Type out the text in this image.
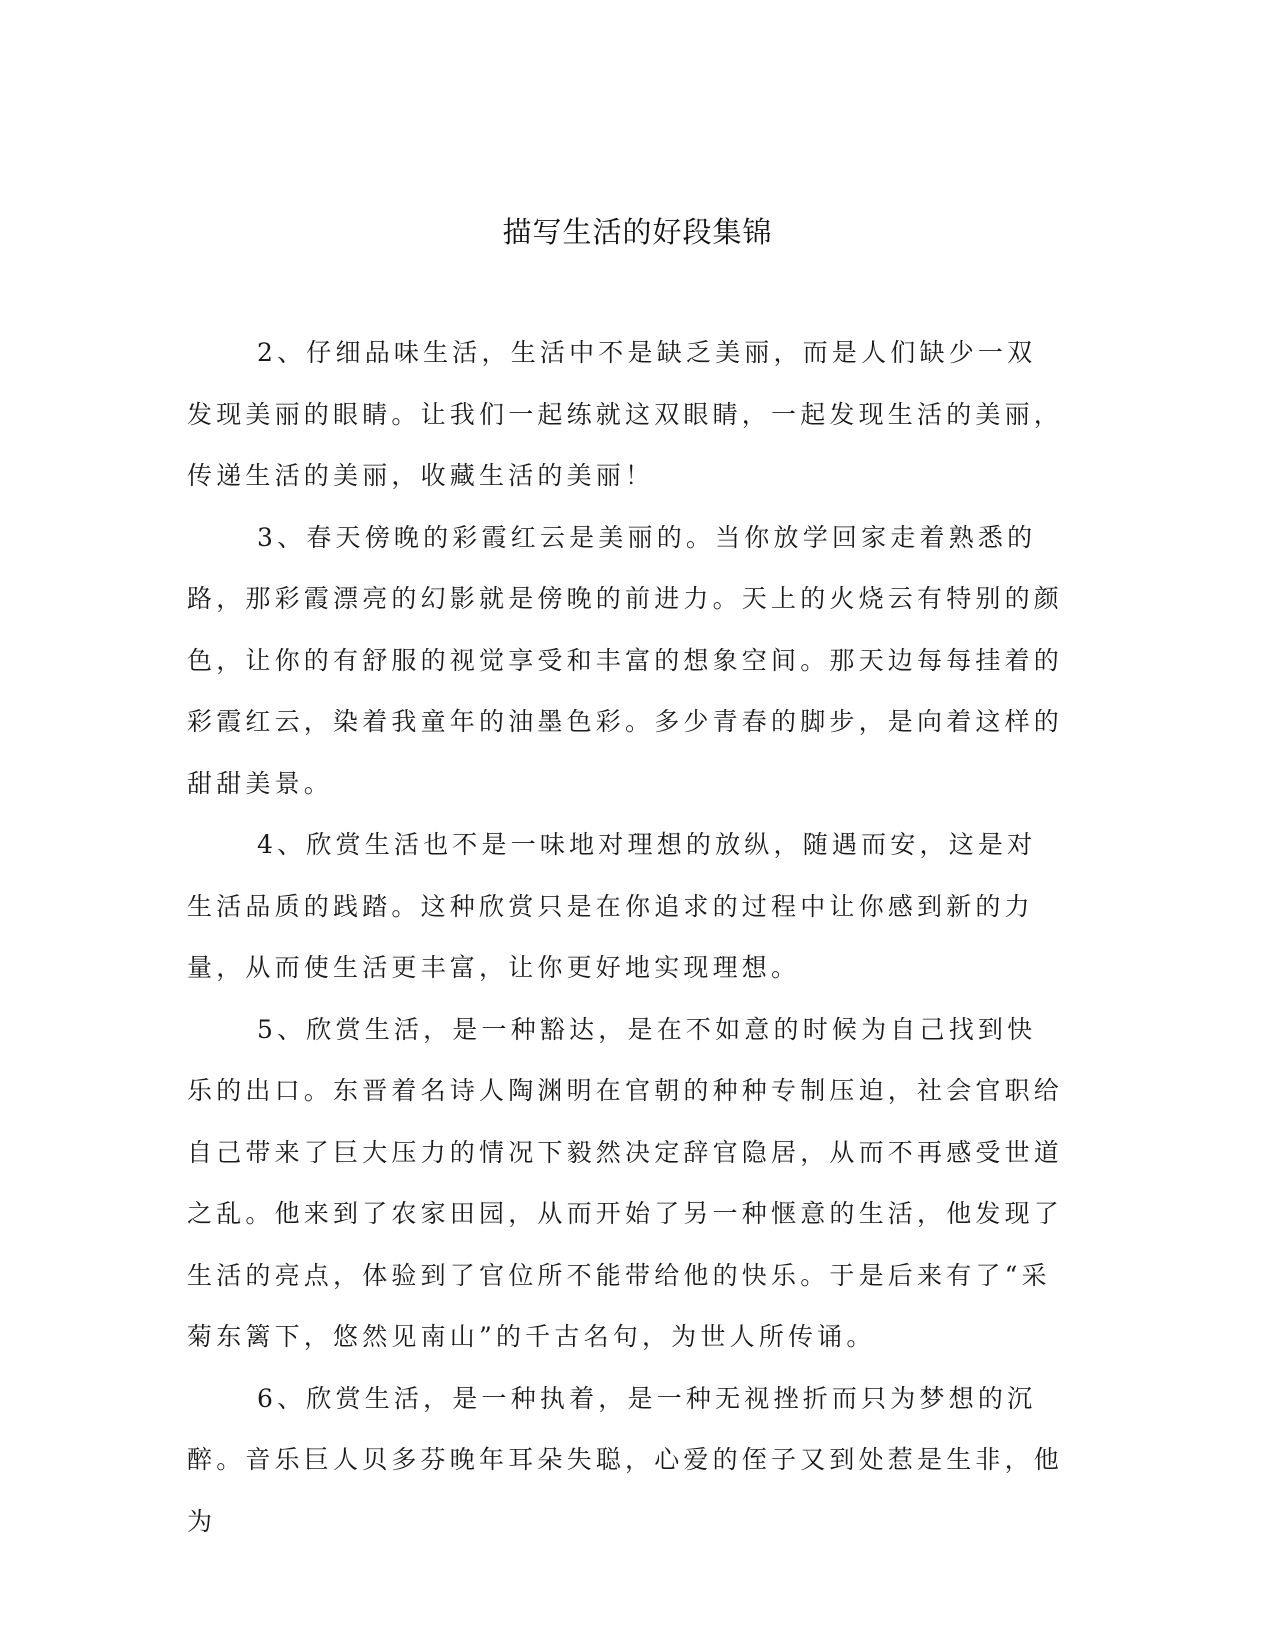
描写生活的好段集锦

2、仔细品味生活，生活中不是缺乏美丽，而是人们缺少一双发现美丽的眼睛。让我们一起练就这双眼睛，一起发现生活的美丽，传递生活的美丽，收藏生活的美丽！

3、春天傍晚的彩霞红云是美丽的。当你放学回家走着熟悉的路，那彩霞漂亮的幻影就是傍晚的前进力。天上的火烧云有特别的颜色，让你的有舒服的视觉享受和丰富的想象空间。那天边每每挂着的彩霞红云，染着我童年的油墨色彩。多少青春的脚步，是向着这样的甜甜美景。

4、欣赏生活也不是一味地对理想的放纵，随遇而安，这是对生活品质的践踏。这种欣赏只是在你追求的过程中让你感到新的力量，从而使生活更丰富，让你更好地实现理想。

5、欣赏生活，是一种豁达，是在不如意的时候为自己找到快乐的出口。东晋着名诗人陶渊明在官朝的种种专制压迫，社会官职给自己带来了巨大压力的情况下毅然决定辞官隐居，从而不再感受世道之乱。他来到了农家田园，从而开始了另一种惬意的生活，他发现了生活的亮点，体验到了官位所不能带给他的快乐。于是后来有了“采菊东篱下，悠然见南山”的千古名句，为世人所传诵。

6、欣赏生活，是一种执着，是一种无视挫折而只为梦想的沉醉。音乐巨人贝多芬晚年耳朵失聪，心爱的侄子又到处惹是生非，他为
